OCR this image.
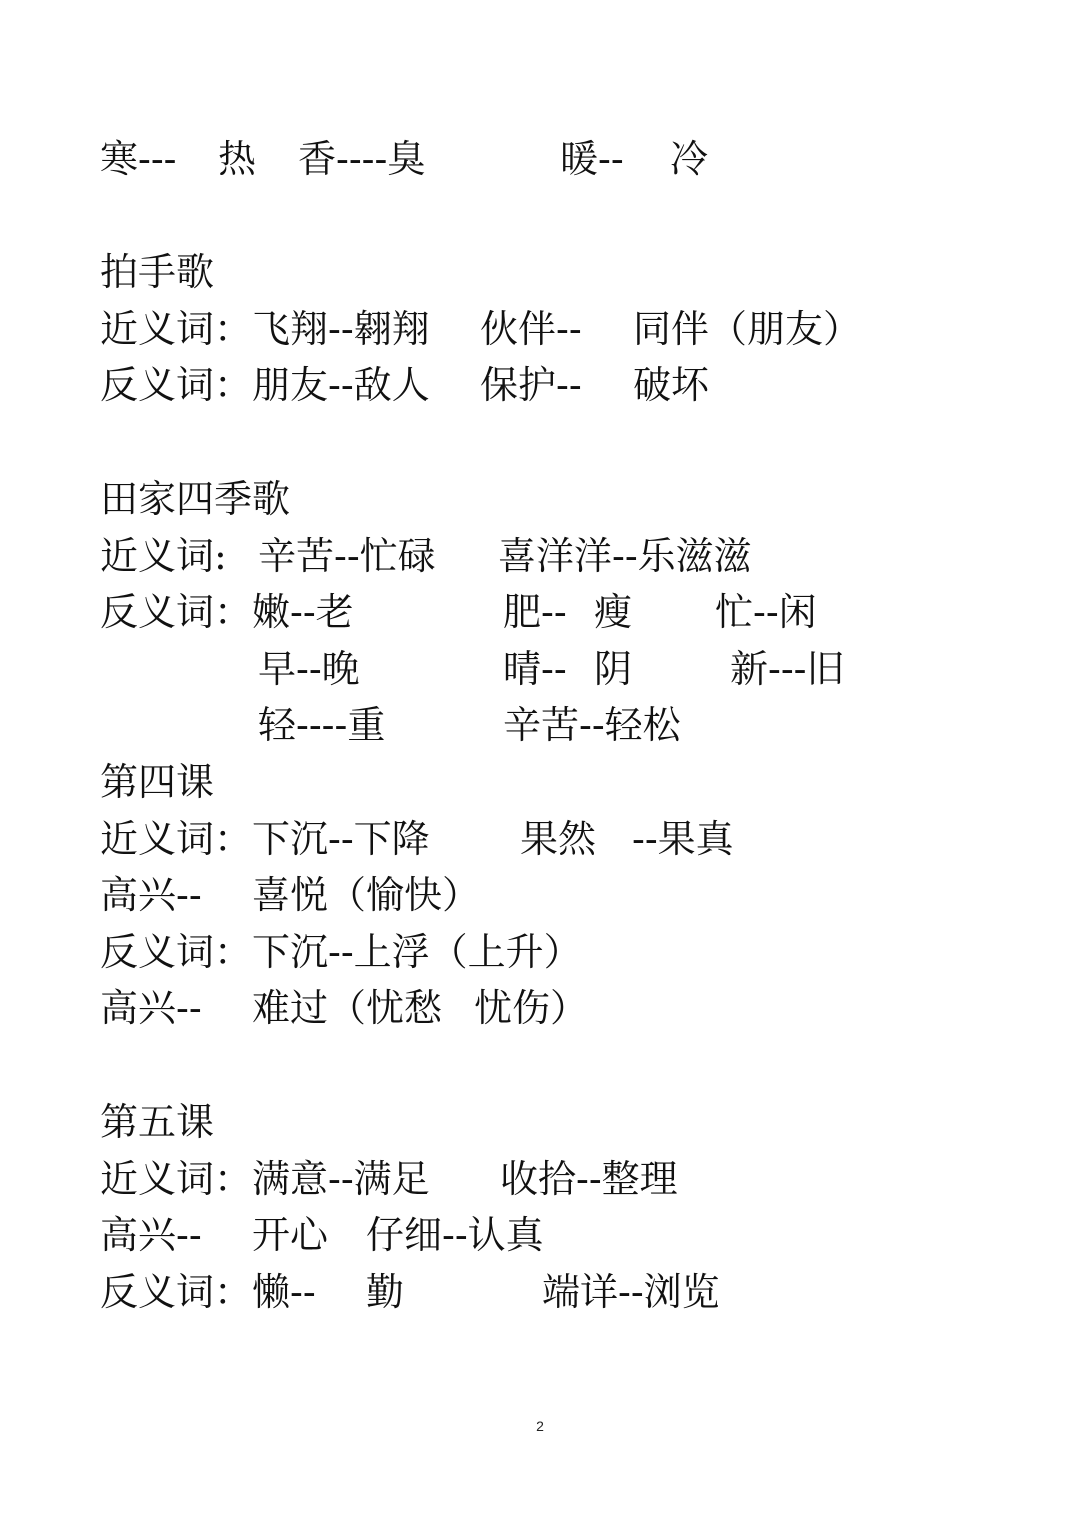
寒--- 热 香----臭	暖-- 冷
拍手歌
近义词：飞翔--翱翔 伙伴-- 同伴（朋友）
反义词：朋友--敌人 保护-- 破坏
田家四季歌
近义词: 辛苦--忙碌 喜洋洋--乐滋滋
反义词：嫩--老	肥-- 瘦 忙--闲
早--晚	晴-- 阴	新---旧
轻----重	辛苦--轻松
第四课
近义词：下沉--下降 果然 --果真
高兴-- 喜悦（愉快）
反义词：下沉--上浮（上升）
高兴-- 难过（忧愁 忧伤）
第五课
近义词：满意--满足 收拾--整理
高兴-- 开心 仔细--认真
反义词：懒-- 勤	端详--浏览
2
